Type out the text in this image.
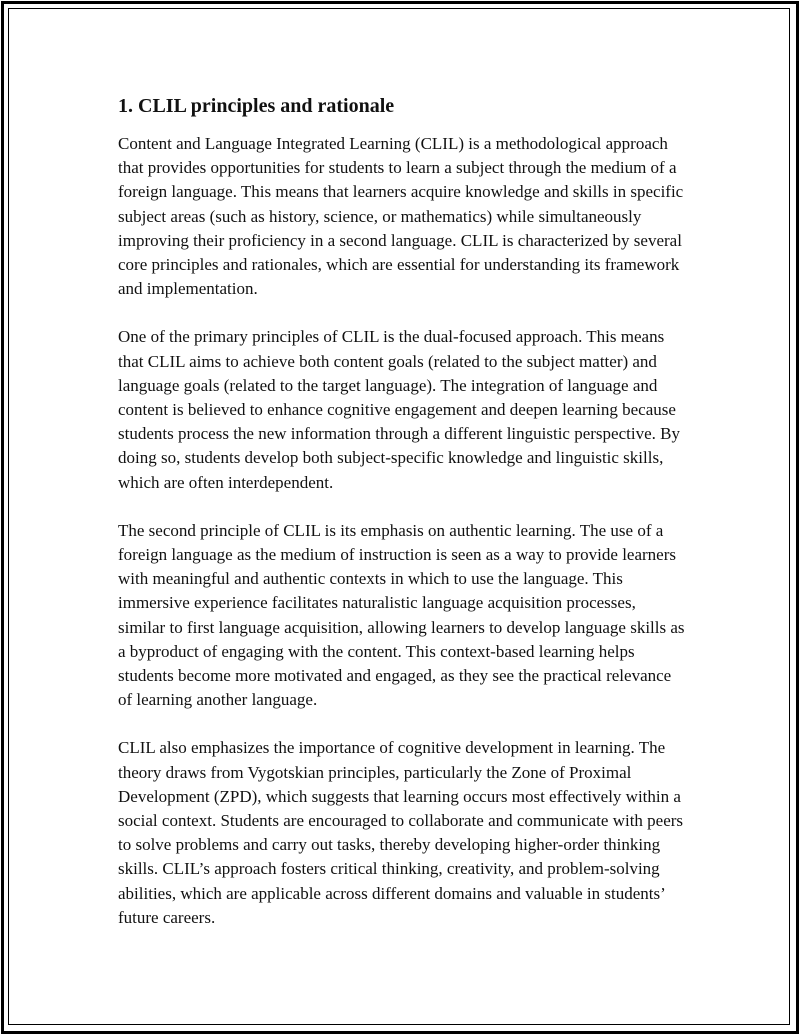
1. CLIL principles and rationale

Content and Language Integrated Learning (CLIL) is a methodological approach that provides opportunities for students to learn a subject through the medium of a foreign language. This means that learners acquire knowledge and skills in specific subject areas (such as history, science, or mathematics) while simultaneously improving their proficiency in a second language. CLIL is characterized by several core principles and rationales, which are essential for understanding its framework and implementation.

One of the primary principles of CLIL is the dual-focused approach. This means that CLIL aims to achieve both content goals (related to the subject matter) and language goals (related to the target language). The integration of language and content is believed to enhance cognitive engagement and deepen learning because students process the new information through a different linguistic perspective. By doing so, students develop both subject-specific knowledge and linguistic skills, which are often interdependent.

The second principle of CLIL is its emphasis on authentic learning. The use of a foreign language as the medium of instruction is seen as a way to provide learners with meaningful and authentic contexts in which to use the language. This immersive experience facilitates naturalistic language acquisition processes, similar to first language acquisition, allowing learners to develop language skills as a byproduct of engaging with the content. This context-based learning helps students become more motivated and engaged, as they see the practical relevance of learning another language.

CLIL also emphasizes the importance of cognitive development in learning. The theory draws from Vygotskian principles, particularly the Zone of Proximal Development (ZPD), which suggests that learning occurs most effectively within a social context. Students are encouraged to collaborate and communicate with peers to solve problems and carry out tasks, thereby developing higher-order thinking skills. CLIL’s approach fosters critical thinking, creativity, and problem-solving abilities, which are applicable across different domains and valuable in students’ future careers.
